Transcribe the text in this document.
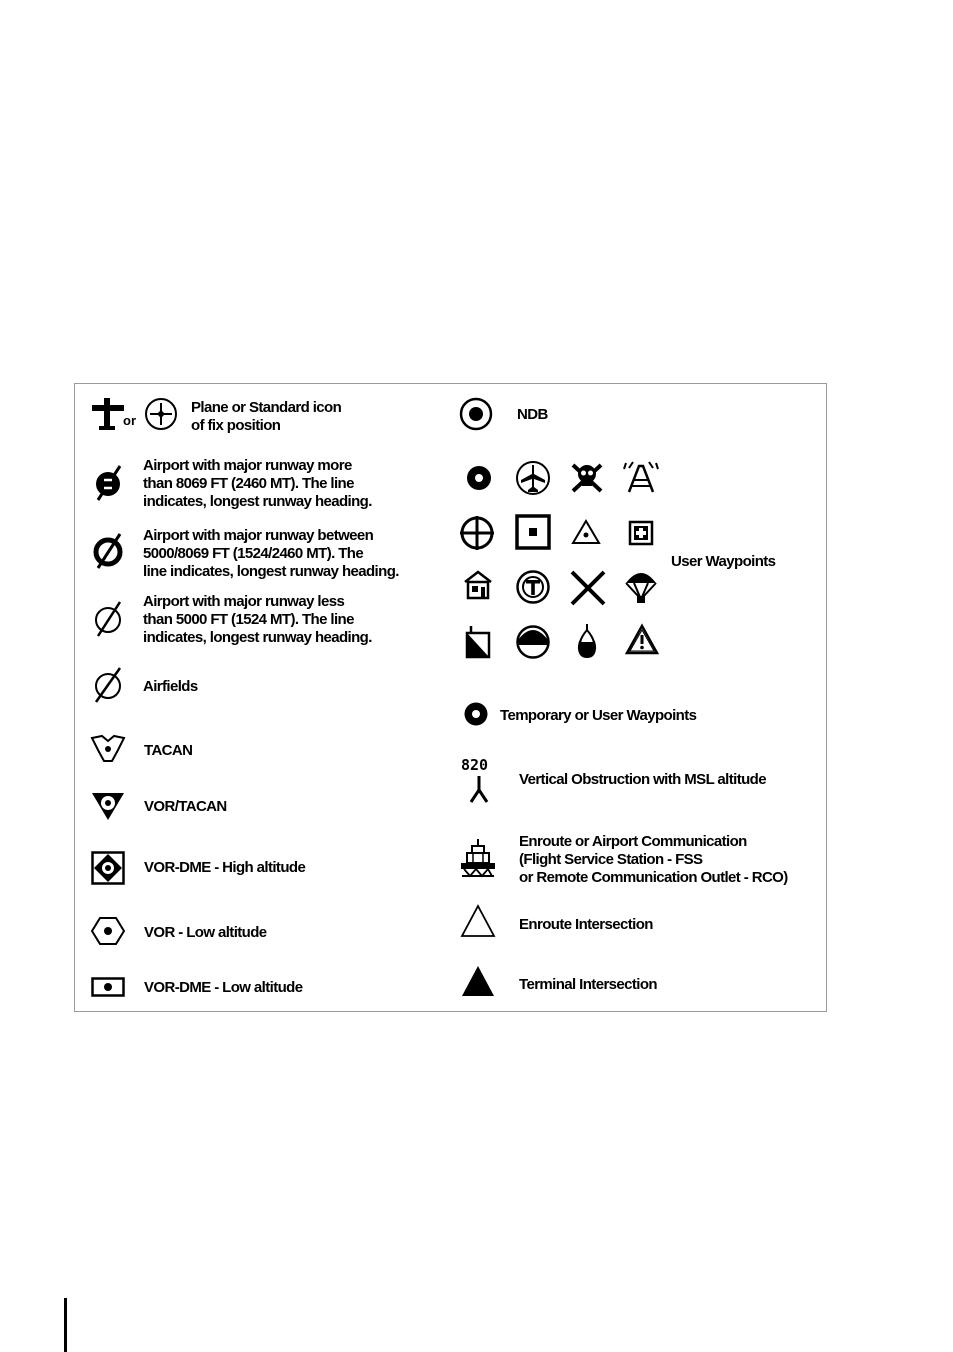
or
Plane or Standard icon
of fix position
Airport with major runway more
than 8069 FT (2460 MT). The line
indicates, longest runway heading.
Airport with major runway between
5000/8069 FT (1524/2460 MT). The
line indicates, longest runway heading.
Airport with major runway less
than 5000 FT (1524 MT). The line
indicates, longest runway heading.
Airfields
TACAN
VOR/TACAN
VOR-DME - High altitude
VOR - Low altitude
VOR-DME - Low altitude
NDB
User Waypoints
Temporary or User Waypoints
820
Vertical Obstruction with MSL altitude
Enroute or Airport Communication
(Flight Service Station - FSS
or Remote Communication Outlet - RCO)
Enroute Intersection
Terminal Intersection
